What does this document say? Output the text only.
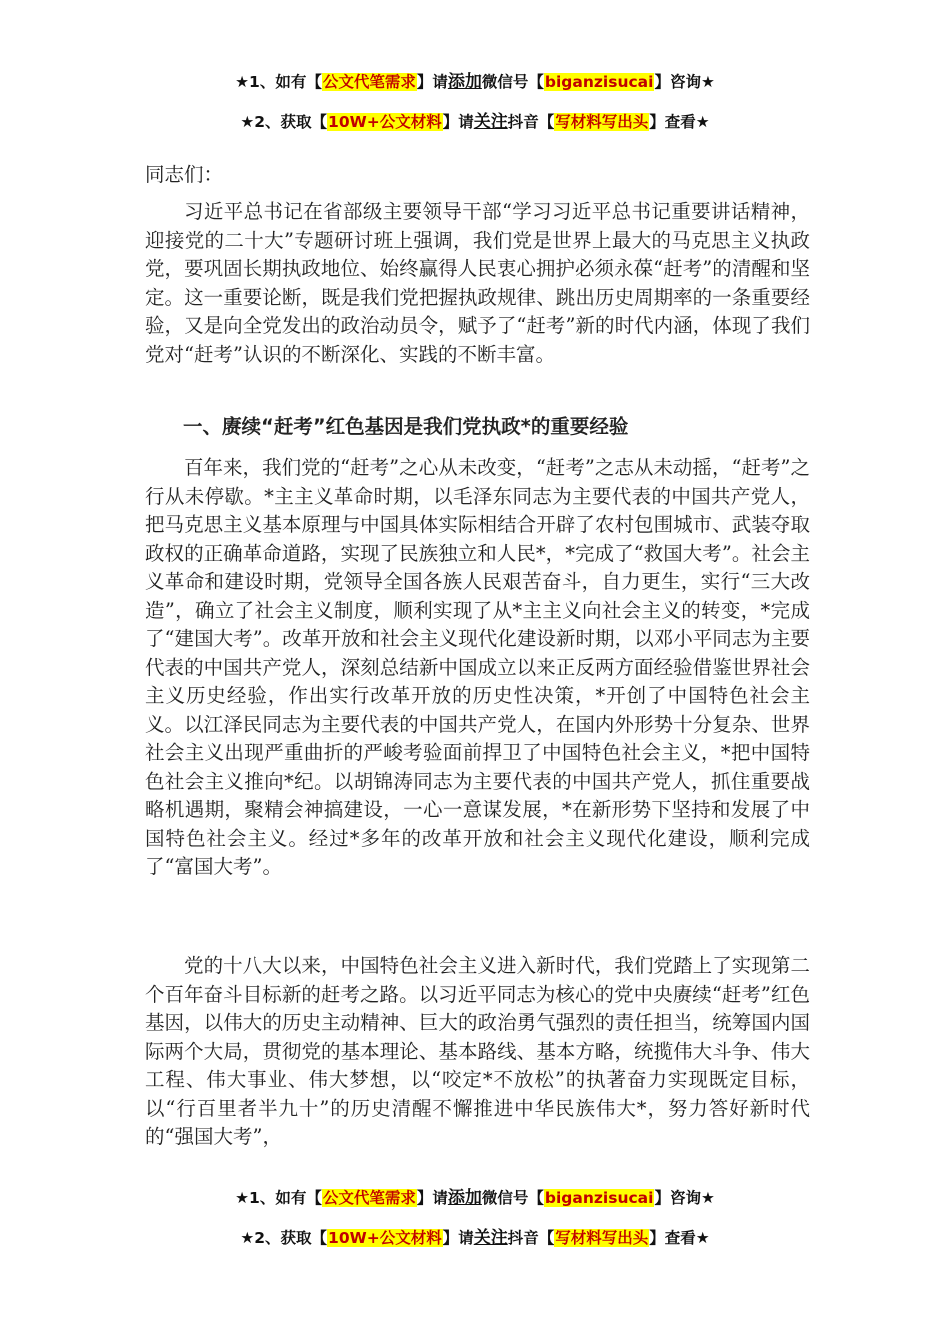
★1、如有【公文代笔需求】请添加微信号【biganzisucai】咨询★
★2、获取【10W+公文材料】请关注抖音【写材料写出头】查看★

同志们：

习近平总书记在省部级主要领导干部“学习习近平总书记重要讲话精神，迎接党的二十大”专题研讨班上强调，我们党是世界上最大的马克思主义执政党，要巩固长期执政地位、始终赢得人民衷心拥护必须永葆“赶考”的清醒和坚定。这一重要论断，既是我们党把握执政规律、跳出历史周期率的一条重要经验，又是向全党发出的政治动员令，赋予了“赶考”新的时代内涵，体现了我们党对“赶考”认识的不断深化、实践的不断丰富。

一、赓续“赶考”红色基因是我们党执政*的重要经验

百年来，我们党的“赶考”之心从未改变，“赶考”之志从未动摇，“赶考”之行从未停歇。*主主义革命时期，以毛泽东同志为主要代表的中国共产党人，把马克思主义基本原理与中国具体实际相结合开辟了农村包围城市、武装夺取政权的正确革命道路，实现了民族独立和人民*，*完成了“救国大考”。社会主义革命和建设时期，党领导全国各族人民艰苦奋斗，自力更生，实行“三大改造”，确立了社会主义制度，顺利实现了从*主主义向社会主义的转变，*完成了“建国大考”。改革开放和社会主义现代化建设新时期，以邓小平同志为主要代表的中国共产党人，深刻总结新中国成立以来正反两方面经验借鉴世界社会主义历史经验，作出实行改革开放的历史性决策，*开创了中国特色社会主义。以江泽民同志为主要代表的中国共产党人，在国内外形势十分复杂、世界社会主义出现严重曲折的严峻考验面前捍卫了中国特色社会主义，*把中国特色社会主义推向*纪。以胡锦涛同志为主要代表的中国共产党人，抓住重要战略机遇期，聚精会神搞建设，一心一意谋发展，*在新形势下坚持和发展了中国特色社会主义。经过*多年的改革开放和社会主义现代化建设，顺利完成了“富国大考”。

党的十八大以来，中国特色社会主义进入新时代，我们党踏上了实现第二个百年奋斗目标新的赶考之路。以习近平同志为核心的党中央赓续“赶考”红色基因，以伟大的历史主动精神、巨大的政治勇气强烈的责任担当，统筹国内国际两个大局，贯彻党的基本理论、基本路线、基本方略，统揽伟大斗争、伟大工程、伟大事业、伟大梦想，以“咬定*不放松”的执著奋力实现既定目标，以“行百里者半九十”的历史清醒不懈推进中华民族伟大*，努力答好新时代的“强国大考”，

★1、如有【公文代笔需求】请添加微信号【biganzisucai】咨询★
★2、获取【10W+公文材料】请关注抖音【写材料写出头】查看★
